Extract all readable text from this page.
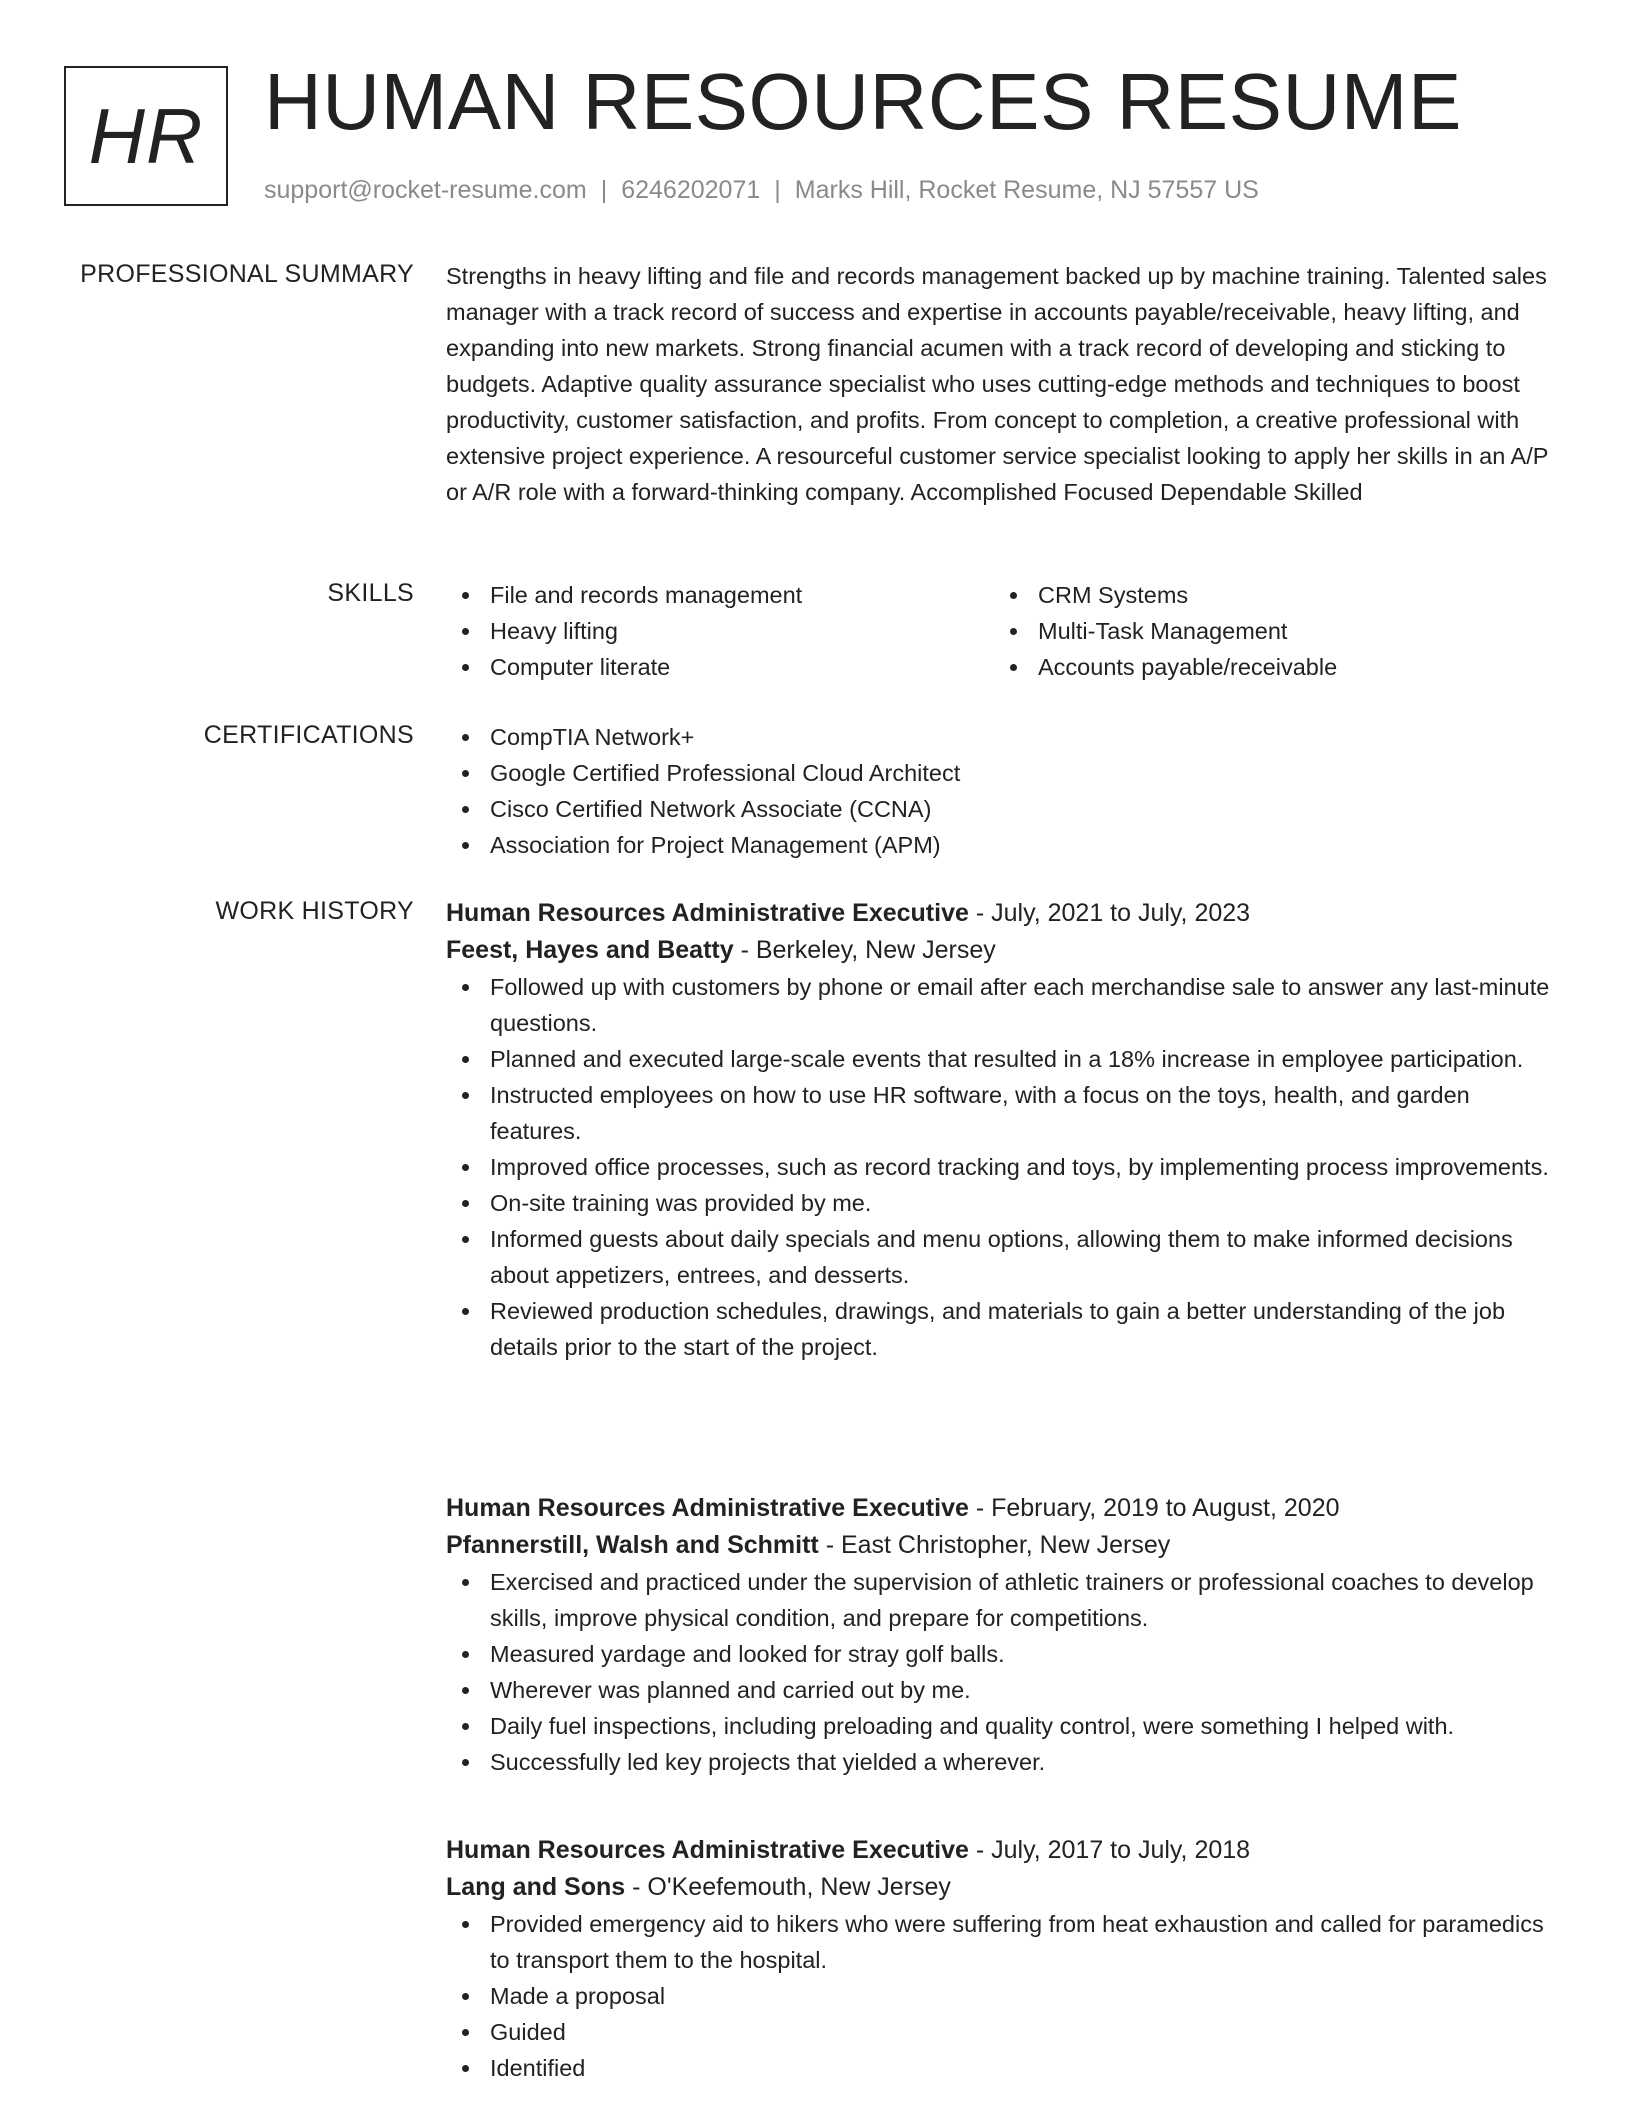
HR HUMAN RESOURCES RESUME
support@rocket-resume.com | 6246202071 | Marks Hill, Rocket Resume, NJ 57557 US
PROFESSIONAL SUMMARY Strengths in heavy lifting and file and records management backed up by machine training. Talented sales manager with a track record of success and expertise in accounts payable/receivable, heavy lifting, and expanding into new markets. Strong financial acumen with a track record of developing and sticking to budgets. Adaptive quality assurance specialist who uses cutting-edge methods and techniques to boost productivity, customer satisfaction, and profits. From concept to completion, a creative professional with extensive project experience. A resourceful customer service specialist looking to apply her skills in an A/P or A/R role with a forward-thinking company. Accomplished Focused Dependable Skilled

SKILLS	File and records management
Heavy lifting
Computer literate
CRM Systems
Multi-Task Management
Accounts payable/receivable
CERTIFICATIONS	CompTIA Network+
Google Certified Professional Cloud Architect
Cisco Certified Network Associate (CCNA)
Association for Project Management (APM)
WORK HISTORY Human Resources Administrative Executive - July, 2021 to July, 2023
Feest, Hayes and Beatty - Berkeley, New Jersey
Followed up with customers by phone or email after each merchandise sale to answer any last-minute questions.
Planned and executed large-scale events that resulted in a 18% increase in employee participation.
Instructed employees on how to use HR software, with a focus on the toys, health, and garden features.
Improved office processes, such as record tracking and toys, by implementing process improvements.
On-site training was provided by me.
Informed guests about daily specials and menu options, allowing them to make informed decisions about appetizers, entrees, and desserts.
Reviewed production schedules, drawings, and materials to gain a better understanding of the job details prior to the start of the project.
Human Resources Administrative Executive - February, 2019 to August, 2020
Pfannerstill, Walsh and Schmitt - East Christopher, New Jersey
Exercised and practiced under the supervision of athletic trainers or professional coaches to develop skills, improve physical condition, and prepare for competitions.
Measured yardage and looked for stray golf balls.
Wherever was planned and carried out by me.
Daily fuel inspections, including preloading and quality control, were something I helped with.
Successfully led key projects that yielded a wherever.
Human Resources Administrative Executive - July, 2017 to July, 2018
Lang and Sons - O'Keefemouth, New Jersey
Provided emergency aid to hikers who were suffering from heat exhaustion and called for paramedics to transport them to the hospital.
Made a proposal
Guided
Identified
